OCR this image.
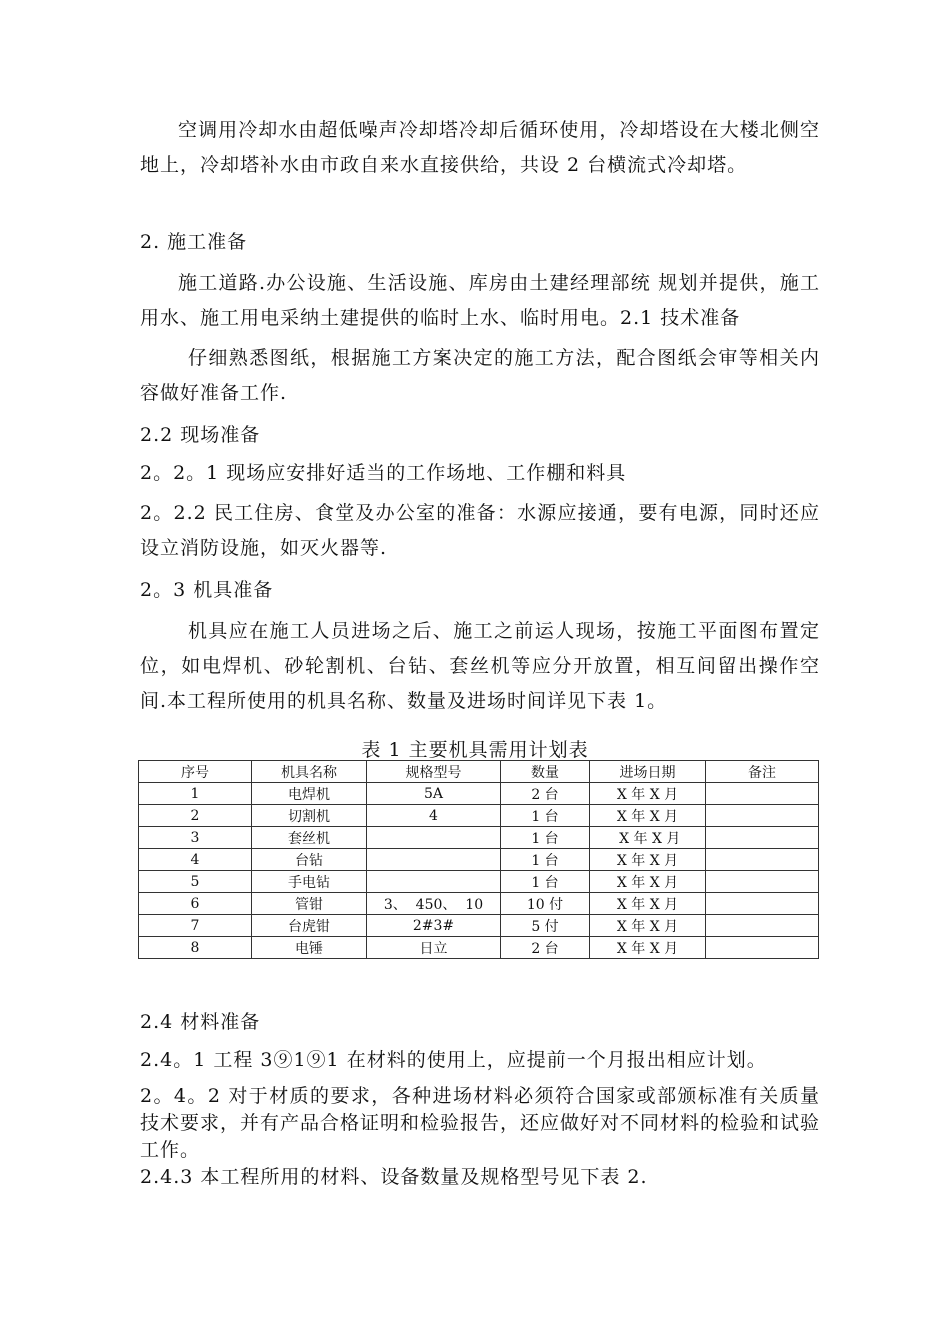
空调用冷却水由超低噪声冷却塔冷却后循环使用，冷却塔设在大楼北侧空地上，冷却塔补水由市政自来水直接供给，共设 2 台横流式冷却塔。

2. 施工准备

施工道路.办公设施、生活设施、库房由土建经理部统 规划并提供，施工用水、施工用电采纳土建提供的临时上水、临时用电。2.1 技术准备

仔细熟悉图纸，根据施工方案决定的施工方法，配合图纸会审等相关内容做好准备工作.

2.2 现场准备

2。2。1 现场应安排好适当的工作场地、工作棚和料具

2。2.2 民工住房、食堂及办公室的准备：水源应接通，要有电源，同时还应设立消防设施，如灭火器等.

2。3 机具准备

机具应在施工人员进场之后、施工之前运人现场，按施工平面图布置定位，如电焊机、砂轮割机、台钻、套丝机等应分开放置，相互间留出操作空间.本工程所使用的机具名称、数量及进场时间详见下表 1。

表 1 主要机具需用计划表

序号	机具名称	规格型号	数量	进场日期	备注
1	电焊机	5A	2 台	X 年 X 月	
2	切割机	4	1 台	X 年 X 月	
3	套丝机		1 台	X 年 X 月	
4	台钻		1 台	X 年 X 月	
5	手电钻		1 台	X 年 X 月	
6	管钳	3、  450、  10	10 付	X 年 X 月	
7	台虎钳	2#3#	5 付	X 年 X 月	
8	电锤	日立	2 台	X 年 X 月	

2.4 材料准备

2.4。1 工程 3⑨1⑨1 在材料的使用上，应提前一个月报出相应计划。

2。4。2 对于材质的要求，各种进场材料必须符合国家或部颁标准有关质量技术要求，并有产品合格证明和检验报告，还应做好对不同材料的检验和试验工作。

2.4.3 本工程所用的材料、设备数量及规格型号见下表 2.
